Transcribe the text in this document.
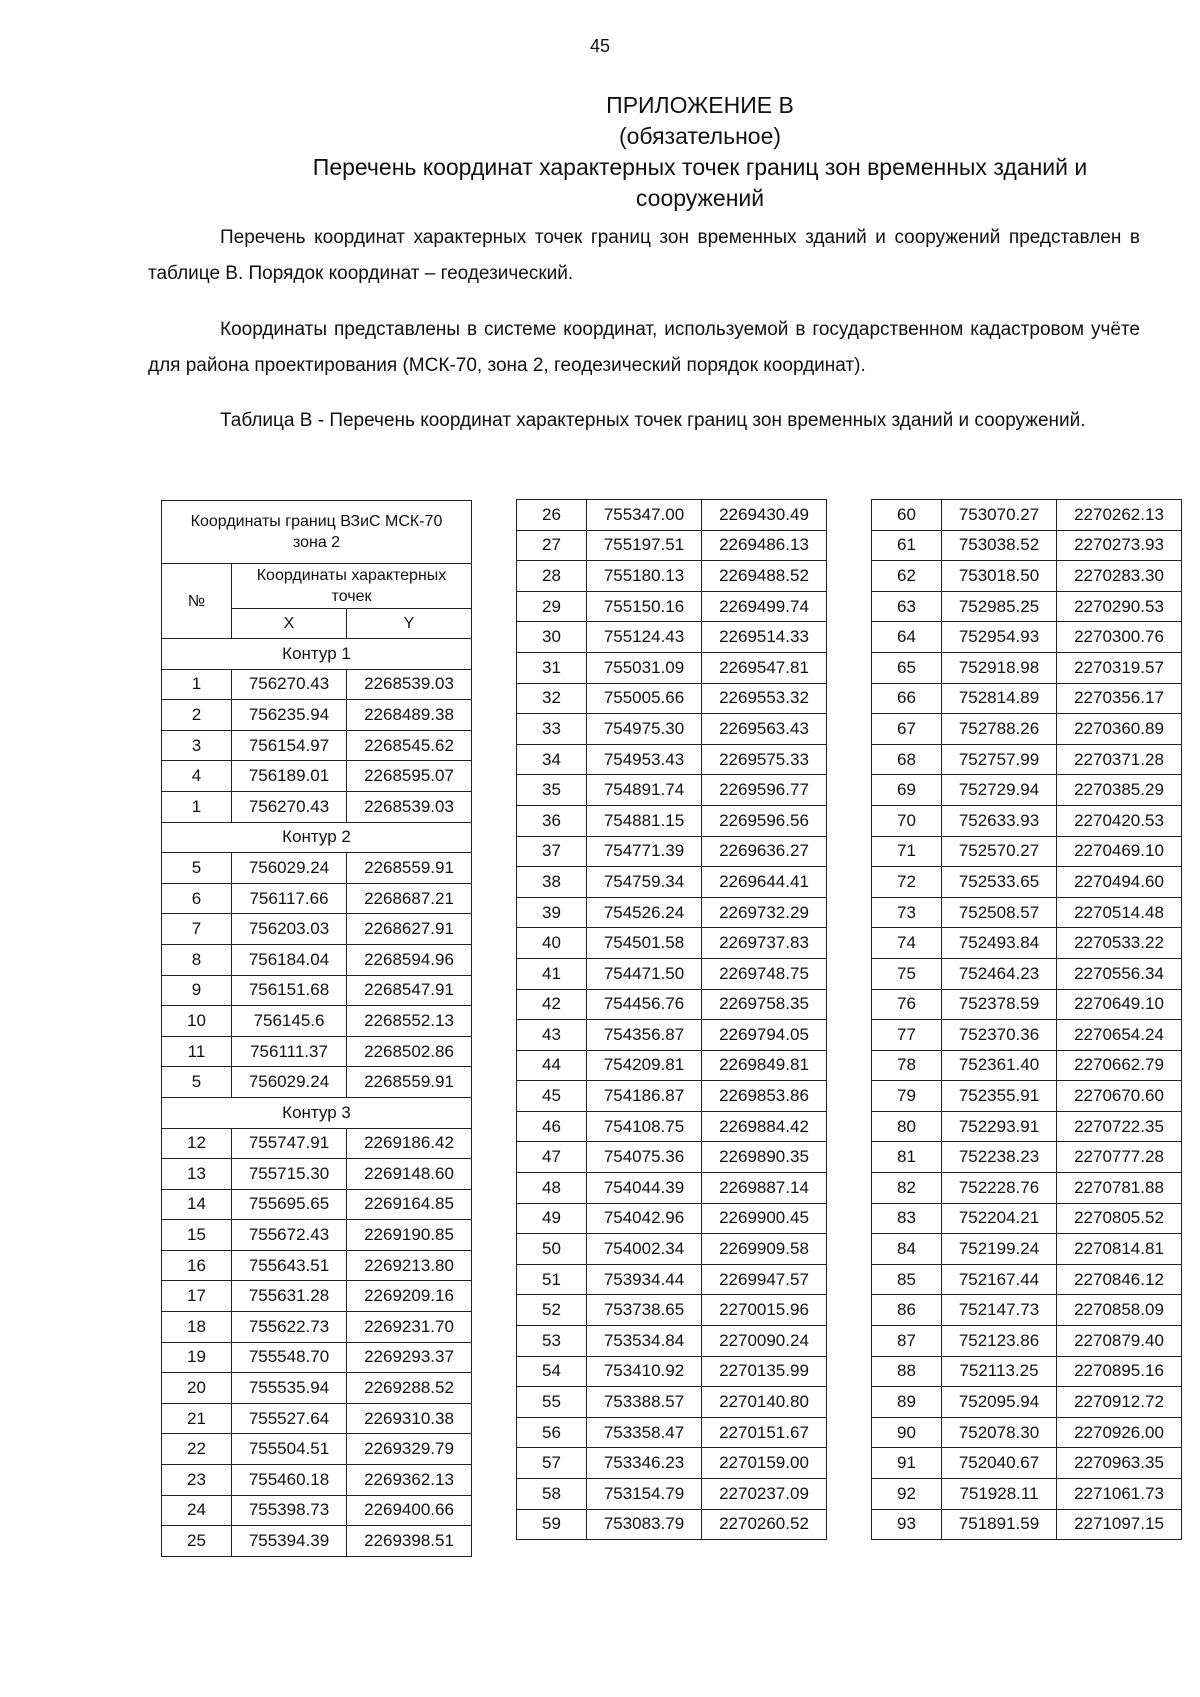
45
ПРИЛОЖЕНИЕ В
(обязательное)
Перечень координат характерных точек границ зон временных зданий и
сооружений
Перечень координат характерных точек границ зон временных зданий и сооружений представлен в таблице В. Порядок координат – геодезический.
Координаты представлены в системе координат, используемой в государственном кадастровом учёте для района проектирования (МСК-70, зона 2, геодезический порядок координат).
Таблица В - Перечень координат характерных точек границ зон временных зданий и сооружений.
Координаты границ ВЗиС МСК-70 зона 2		
№	Координаты характерных точек	
	X	Y
Контур 1		
1	756270.43	2268539.03
2	756235.94	2268489.38
3	756154.97	2268545.62
4	756189.01	2268595.07
1	756270.43	2268539.03
Контур 2		
5	756029.24	2268559.91
6	756117.66	2268687.21
7	756203.03	2268627.91
8	756184.04	2268594.96
9	756151.68	2268547.91
10	756145.6	2268552.13
11	756111.37	2268502.86
5	756029.24	2268559.91
Контур 3		
12	755747.91	2269186.42
13	755715.30	2269148.60
14	755695.65	2269164.85
15	755672.43	2269190.85
16	755643.51	2269213.80
17	755631.28	2269209.16
18	755622.73	2269231.70
19	755548.70	2269293.37
20	755535.94	2269288.52
21	755527.64	2269310.38
22	755504.51	2269329.79
23	755460.18	2269362.13
24	755398.73	2269400.66
25	755394.39	2269398.51
26	755347.00	2269430.49
27	755197.51	2269486.13
28	755180.13	2269488.52
29	755150.16	2269499.74
30	755124.43	2269514.33
31	755031.09	2269547.81
32	755005.66	2269553.32
33	754975.30	2269563.43
34	754953.43	2269575.33
35	754891.74	2269596.77
36	754881.15	2269596.56
37	754771.39	2269636.27
38	754759.34	2269644.41
39	754526.24	2269732.29
40	754501.58	2269737.83
41	754471.50	2269748.75
42	754456.76	2269758.35
43	754356.87	2269794.05
44	754209.81	2269849.81
45	754186.87	2269853.86
46	754108.75	2269884.42
47	754075.36	2269890.35
48	754044.39	2269887.14
49	754042.96	2269900.45
50	754002.34	2269909.58
51	753934.44	2269947.57
52	753738.65	2270015.96
53	753534.84	2270090.24
54	753410.92	2270135.99
55	753388.57	2270140.80
56	753358.47	2270151.67
57	753346.23	2270159.00
58	753154.79	2270237.09
59	753083.79	2270260.52
60	753070.27	2270262.13
61	753038.52	2270273.93
62	753018.50	2270283.30
63	752985.25	2270290.53
64	752954.93	2270300.76
65	752918.98	2270319.57
66	752814.89	2270356.17
67	752788.26	2270360.89
68	752757.99	2270371.28
69	752729.94	2270385.29
70	752633.93	2270420.53
71	752570.27	2270469.10
72	752533.65	2270494.60
73	752508.57	2270514.48
74	752493.84	2270533.22
75	752464.23	2270556.34
76	752378.59	2270649.10
77	752370.36	2270654.24
78	752361.40	2270662.79
79	752355.91	2270670.60
80	752293.91	2270722.35
81	752238.23	2270777.28
82	752228.76	2270781.88
83	752204.21	2270805.52
84	752199.24	2270814.81
85	752167.44	2270846.12
86	752147.73	2270858.09
87	752123.86	2270879.40
88	752113.25	2270895.16
89	752095.94	2270912.72
90	752078.30	2270926.00
91	752040.67	2270963.35
92	751928.11	2271061.73
93	751891.59	2271097.15
